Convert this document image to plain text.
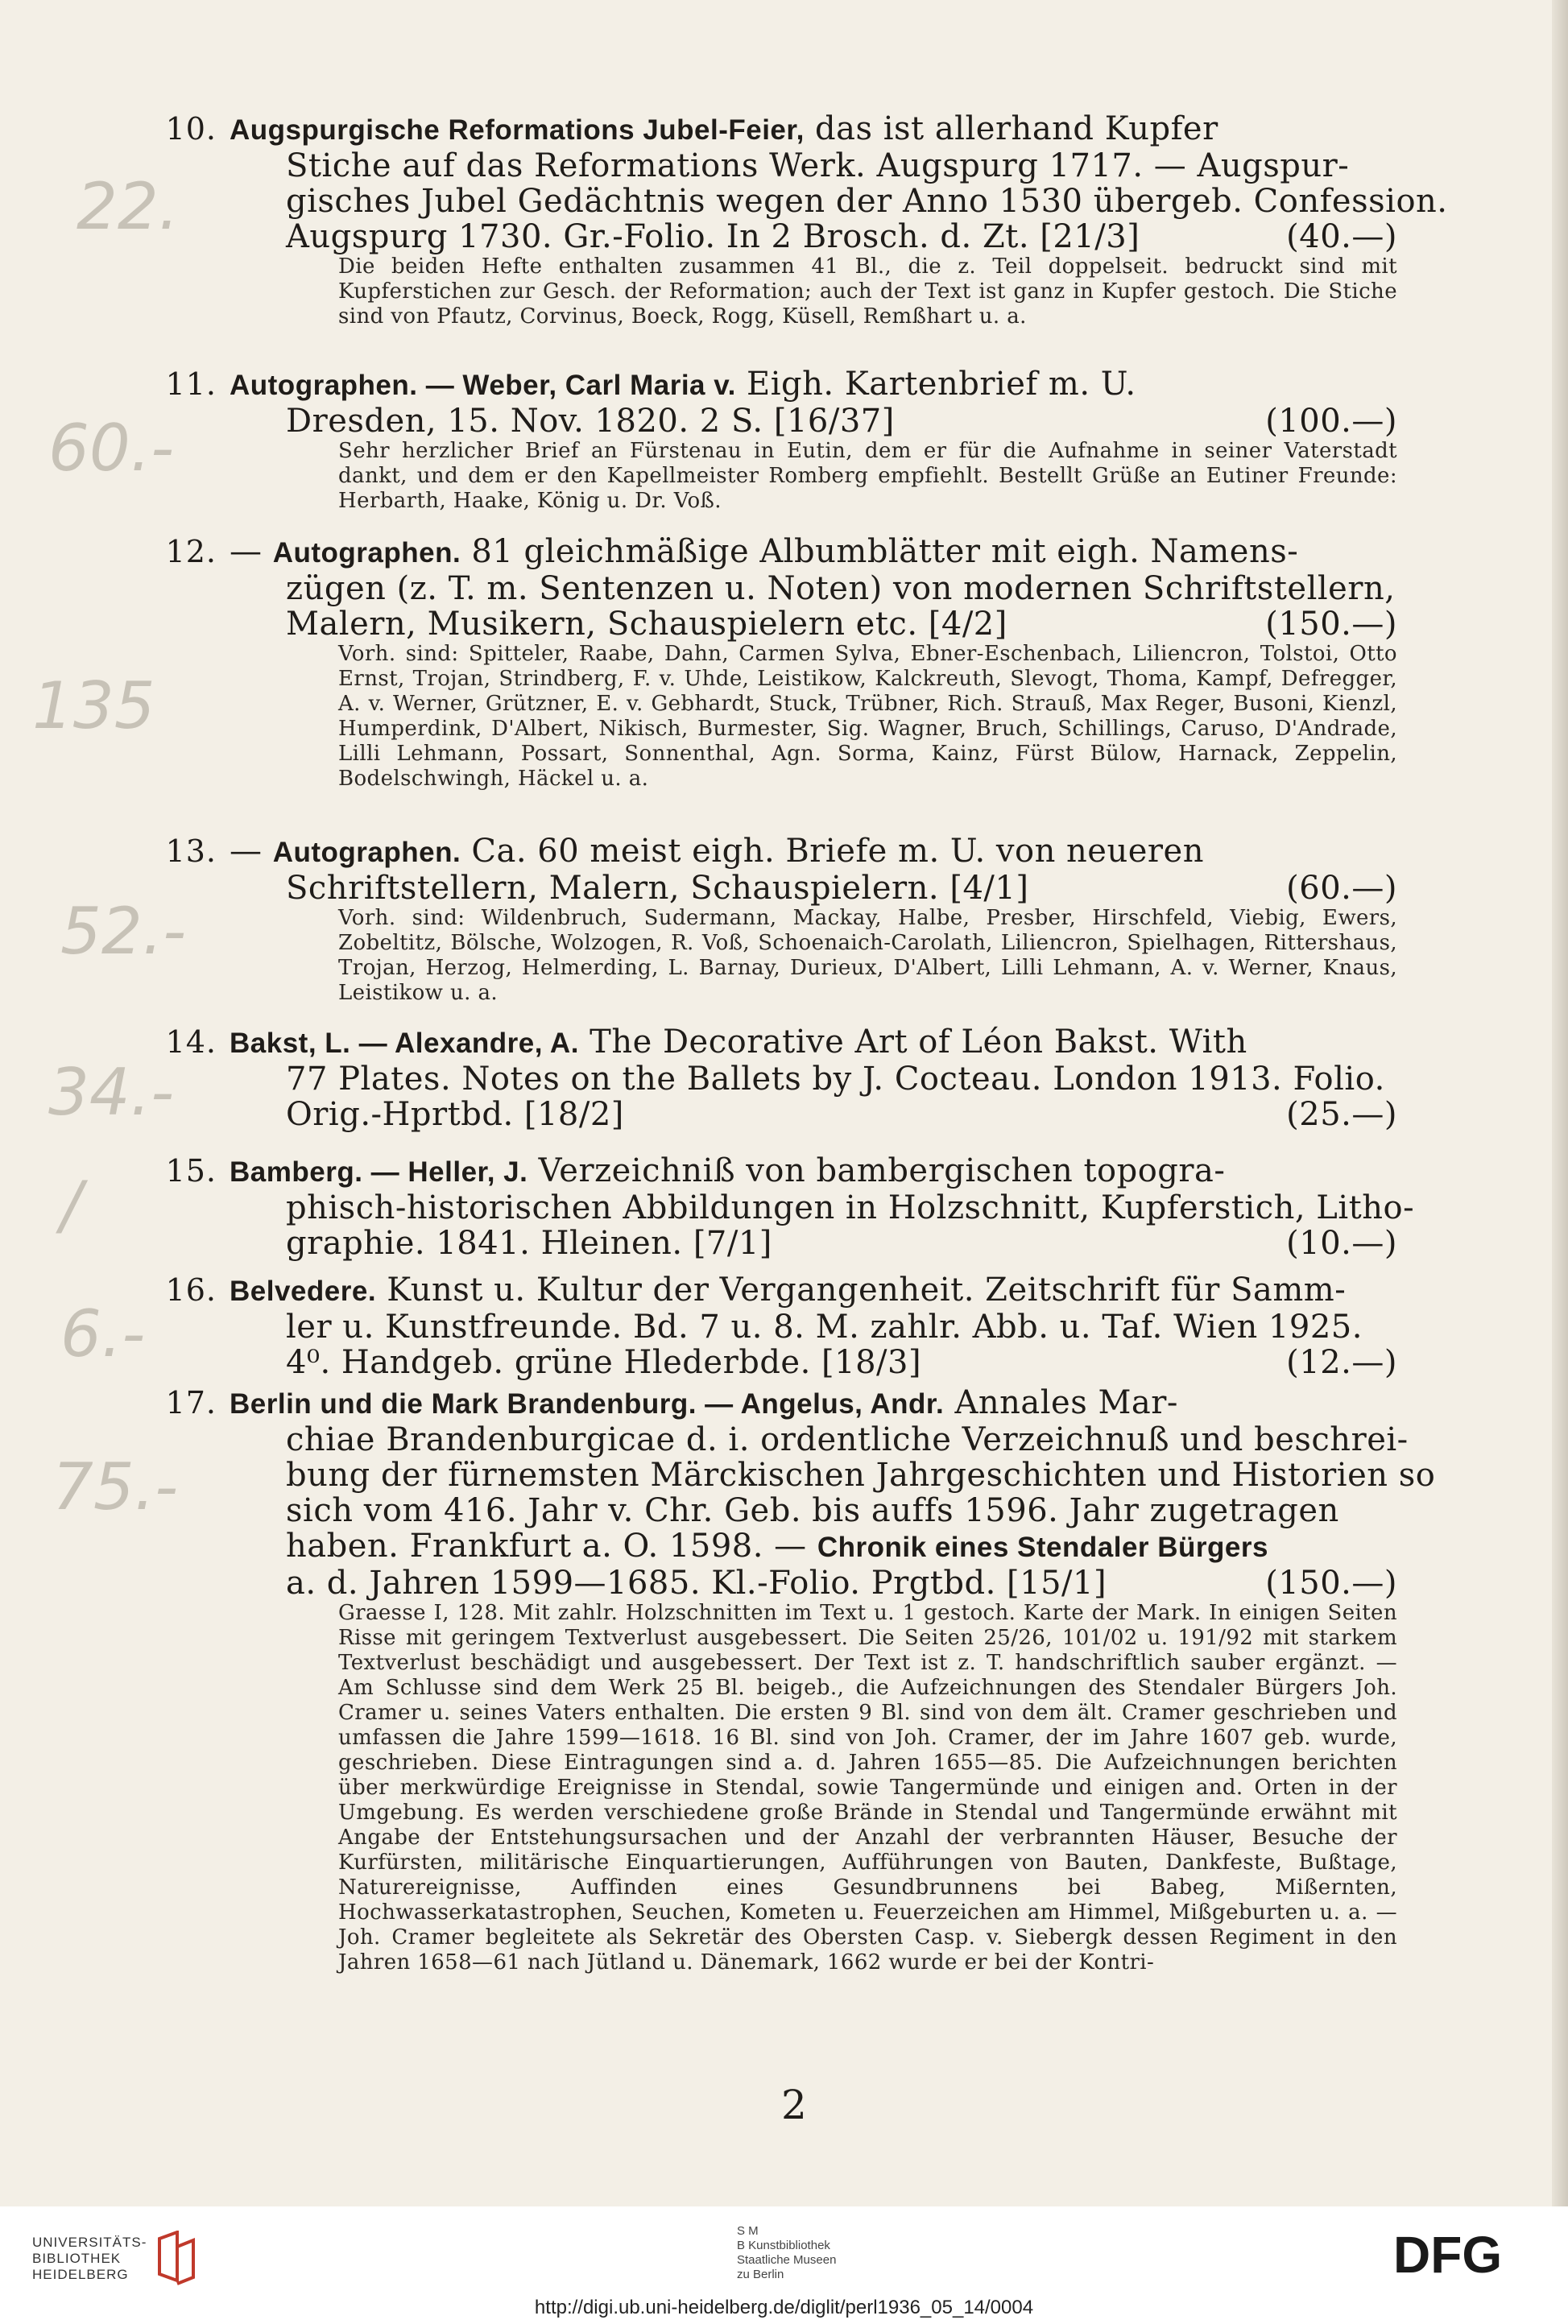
10. Augspurgische Reformations Jubel-Feier, das ist allerhand Kupfer
Stiche auf das Reformations Werk. Augspurg 1717. — Augspur-
gisches Jubel Gedächtnis wegen der Anno 1530 übergeb. Confession.
Augspurg 1730. Gr.-Folio. In 2 Brosch. d. Zt. [21/3]	(40.—)
Die beiden Hefte enthalten zusammen 41 Bl., die z. Teil doppelseit. bedruckt sind mit Kupferstichen zur Gesch. der Reformation; auch der Text ist ganz in Kupfer gestoch. Die Stiche sind von Pfautz, Corvinus, Boeck, Rogg, Küsell, Remßhart u. a.
11. Autographen. — Weber, Carl Maria v. Eigh. Kartenbrief m. U.
Dresden, 15. Nov. 1820. 2 S. [16/37]	(100.—)
Sehr herzlicher Brief an Fürstenau in Eutin, dem er für die Aufnahme in seiner Vaterstadt dankt, und dem er den Kapellmeister Romberg empfiehlt. Bestellt Grüße an Eutiner Freunde: Herbarth, Haake, König u. Dr. Voß.
12. — Autographen. 81 gleichmäßige Albumblätter mit eigh. Namens-
zügen (z. T. m. Sentenzen u. Noten) von modernen Schriftstellern,
Malern, Musikern, Schauspielern etc. [4/2]	(150.—)
Vorh. sind: Spitteler, Raabe, Dahn, Carmen Sylva, Ebner-Eschenbach, Liliencron, Tolstoi, Otto Ernst, Trojan, Strindberg, F. v. Uhde, Leistikow, Kalckreuth, Slevogt, Thoma, Kampf, Defregger, A. v. Werner, Grützner, E. v. Gebhardt, Stuck, Trübner, Rich. Strauß, Max Reger, Busoni, Kienzl, Humperdink, D'Albert, Nikisch, Burmester, Sig. Wagner, Bruch, Schillings, Caruso, D'Andrade, Lilli Lehmann, Possart, Sonnenthal, Agn. Sorma, Kainz, Fürst Bülow, Harnack, Zeppelin, Bodelschwingh, Häckel u. a.
13. — Autographen. Ca. 60 meist eigh. Briefe m. U. von neueren
Schriftstellern, Malern, Schauspielern. [4/1]	(60.—)
Vorh. sind: Wildenbruch, Sudermann, Mackay, Halbe, Presber, Hirschfeld, Viebig, Ewers, Zobeltitz, Bölsche, Wolzogen, R. Voß, Schoenaich-Carolath, Liliencron, Spielhagen, Rittershaus, Trojan, Herzog, Helmerding, L. Barnay, Durieux, D'Albert, Lilli Lehmann, A. v. Werner, Knaus, Leistikow u. a.
14. Bakst, L. — Alexandre, A. The Decorative Art of Léon Bakst. With
77 Plates. Notes on the Ballets by J. Cocteau. London 1913. Folio.
Orig.-Hprtbd. [18/2]	(25.—)
15. Bamberg. — Heller, J. Verzeichniß von bambergischen topogra-
phisch-historischen Abbildungen in Holzschnitt, Kupferstich, Litho-
graphie. 1841. Hleinen. [7/1]	(10.—)
16. Belvedere. Kunst u. Kultur der Vergangenheit. Zeitschrift für Samm-
ler u. Kunstfreunde. Bd. 7 u. 8. M. zahlr. Abb. u. Taf. Wien 1925.
4⁰. Handgeb. grüne Hlederbde. [18/3]	(12.—)
17. Berlin und die Mark Brandenburg. — Angelus, Andr. Annales Mar-
chiae Brandenburgicae d. i. ordentliche Verzeichnuß und beschrei-
bung der fürnemsten Märckischen Jahrgeschichten und Historien so
sich vom 416. Jahr v. Chr. Geb. bis auffs 1596. Jahr zugetragen
haben. Frankfurt a. O. 1598. — Chronik eines Stendaler Bürgers
a. d. Jahren 1599—1685. Kl.-Folio. Prgtbd. [15/1]	(150.—)
Graesse I, 128. Mit zahlr. Holzschnitten im Text u. 1 gestoch. Karte der Mark. In einigen Seiten Risse mit geringem Textverlust ausgebessert. Die Seiten 25/26, 101/02 u. 191/92 mit starkem Textverlust beschädigt und ausgebessert. Der Text ist z. T. handschriftlich sauber ergänzt. — Am Schlusse sind dem Werk 25 Bl. beigeb., die Aufzeichnungen des Stendaler Bürgers Joh. Cramer u. seines Vaters enthalten. Die ersten 9 Bl. sind von dem ält. Cramer geschrieben und umfassen die Jahre 1599—1618. 16 Bl. sind von Joh. Cramer, der im Jahre 1607 geb. wurde, geschrieben. Diese Eintragungen sind a. d. Jahren 1655—85. Die Aufzeichnungen berichten über merkwürdige Ereignisse in Stendal, sowie Tangermünde und einigen and. Orten in der Umgebung. Es werden verschiedene große Brände in Stendal und Tangermünde erwähnt mit Angabe der Entstehungsursachen und der Anzahl der verbrannten Häuser, Besuche der Kurfürsten, militärische Einquartierungen, Aufführungen von Bauten, Dankfeste, Bußtage, Naturereignisse, Auffinden eines Gesundbrunnens bei Babeg, Mißernten, Hochwasserkatastrophen, Seuchen, Kometen u. Feuerzeichen am Himmel, Mißgeburten u. a. — Joh. Cramer begleitete als Sekretär des Obersten Casp. v. Siebergk dessen Regiment in den Jahren 1658—61 nach Jütland u. Dänemark, 1662 wurde er bei der Kontri-
22.
60.-
135
52.-
34.-
/
6.-
75.-
2
UNIVERSITÄTS-
BIBLIOTHEK
HEIDELBERG
S M
B Kunstbibliothek
Staatliche Museen
zu Berlin	DFG
http://digi.ub.uni-heidelberg.de/diglit/perl1936_05_14/0004
